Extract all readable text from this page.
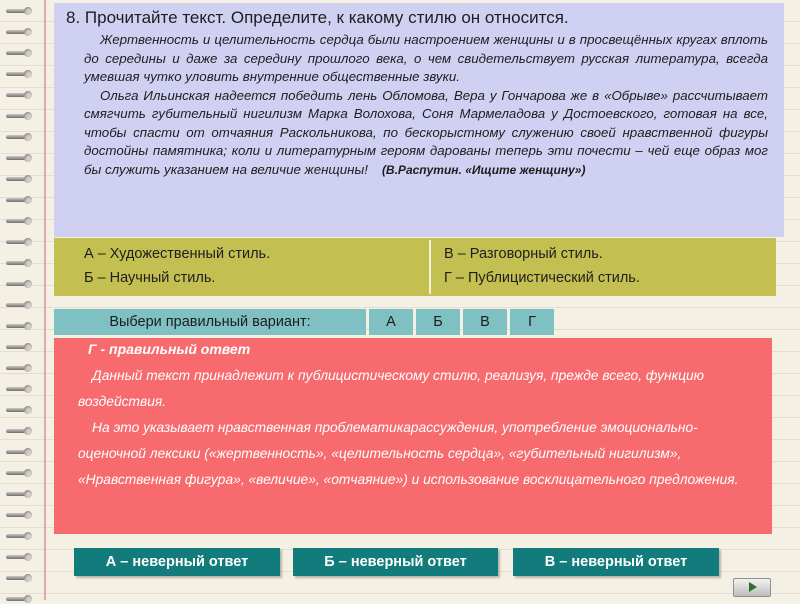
8. Прочитайте текст. Определите, к какому стилю он относится.

Жертвенность и целительность сердца были настроением женщины и в просвещённых кругах вплоть до середины и даже за середину прошлого века, о чем свидетельствует русская литература, всегда умевшая чутко уловить внутренние общественные звуки.

Ольга Ильинская надеется победить лень Обломова, Вера у Гончарова же в «Обрыве» рассчитывает смягчить губительный нигилизм Марка Волохова, Соня Мармеладова у Достоевского, готовая на все, чтобы спасти от отчаяния Раскольникова, по бескорыстному служению своей нравственной фигуры достойны памятника; коли и литературным героям дарованы теперь эти почести – чей еще образ мог бы служить указанием на величие женщины! (В.Распутин. «Ищите женщину»)

А – Художественный стиль.
Б – Научный стиль.
В – Разговорный стиль.
Г – Публицистический стиль.
Выбери правильный вариант:	А	Б	В	Г
Г - правильный ответ

Данный текст принадлежит к публицистическому стилю, реализуя, прежде всего, функцию воздействия.

На это указывает нравственная проблематикарассуждения, употребление эмоционально-оценочной лексики («жертвенность», «целительность сердца», «губительный нигилизм», «Нравственная фигура», «величие», «отчаяние») и использование восклицательного предложения.

А – неверный ответ	Б – неверный ответ	В – неверный ответ
